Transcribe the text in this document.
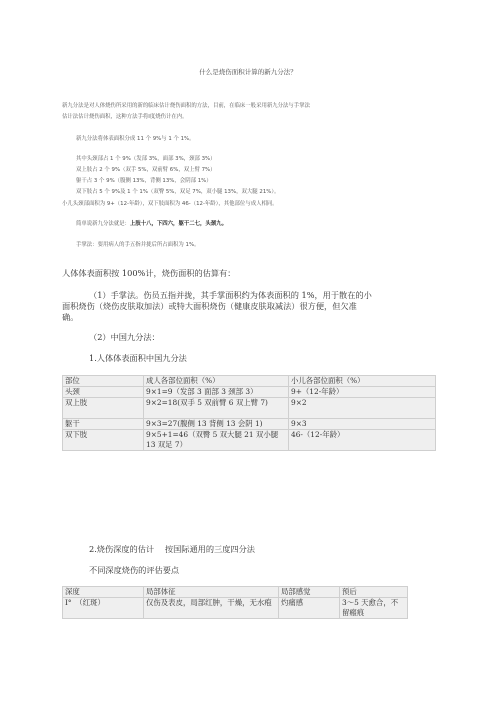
什么是烧伤面积计算的新九分法？
新九分法是对人体烧伤所采用的新的临床估计烧伤面积的方法，目前，在临床一般采用新九分法与手掌法
估计法估计烧伤面积，这种方法手将Ⅰ度烧伤计在内。
新九分法将体表面积分成 11 个 9%与 1 个 1%。
其中头颈部占 1 个 9%（发部 3%，面部 3%，颈部 3%）
双上肢占 2 个 9%（双手 5%，双前臂 6%，双上臂 7%）
躯干占 3 个 9%（腹侧 13%，背侧 13%，会阴部 1%）
双下肢占 5 个 9%及 1 个 1%（双臀 5%，双足 7%，双小腿 13%，双大腿 21%）。
小儿头颈部面积为 9+（12-年龄），双下肢面积为 46-（12-年龄），其他部位与成人相同。
简单说新九分法就是：上肢十八，下四六，躯干二七，头颈九。
手掌法：要用病人的手五指并拢后所占面积为 1%。
人体体表面积按 100%计，烧伤面积的估算有：
（1）手掌法。伤员五指并拢，其手掌面积约为体表面积的 1%，用于散在的小
面积烧伤（烧伤皮肤取加法）或特大面积烧伤（健康皮肤取减法）很方便，但欠准
确。
（2）中国九分法：
1.人体体表面积中国九分法
部位	成人各部位面积（%）	小儿各部位面积（%）
头颈	9×1=9（发部 3 面部 3 颈部 3）	9+（12-年龄）
双上肢	9×2=18(双手 5 双前臂 6 双上臂 7)	9×2
躯干	9×3=27(腹侧 13 背侧 13 会阴 1)	9×3
双下肢	9×5+1=46（双臀 5 双大腿 21 双小腿 13 双足 7）	46-（12-年龄）
2.烧伤深度的估计　 按国际通用的三度四分法
不同深度烧伤的评估要点
深度	局部体征	局部感觉	预后
Ⅰ°　（红斑）	仅伤及表皮，局部红肿，干燥，无水疱	灼痛感	3～5 天愈合，不留瘢痕
